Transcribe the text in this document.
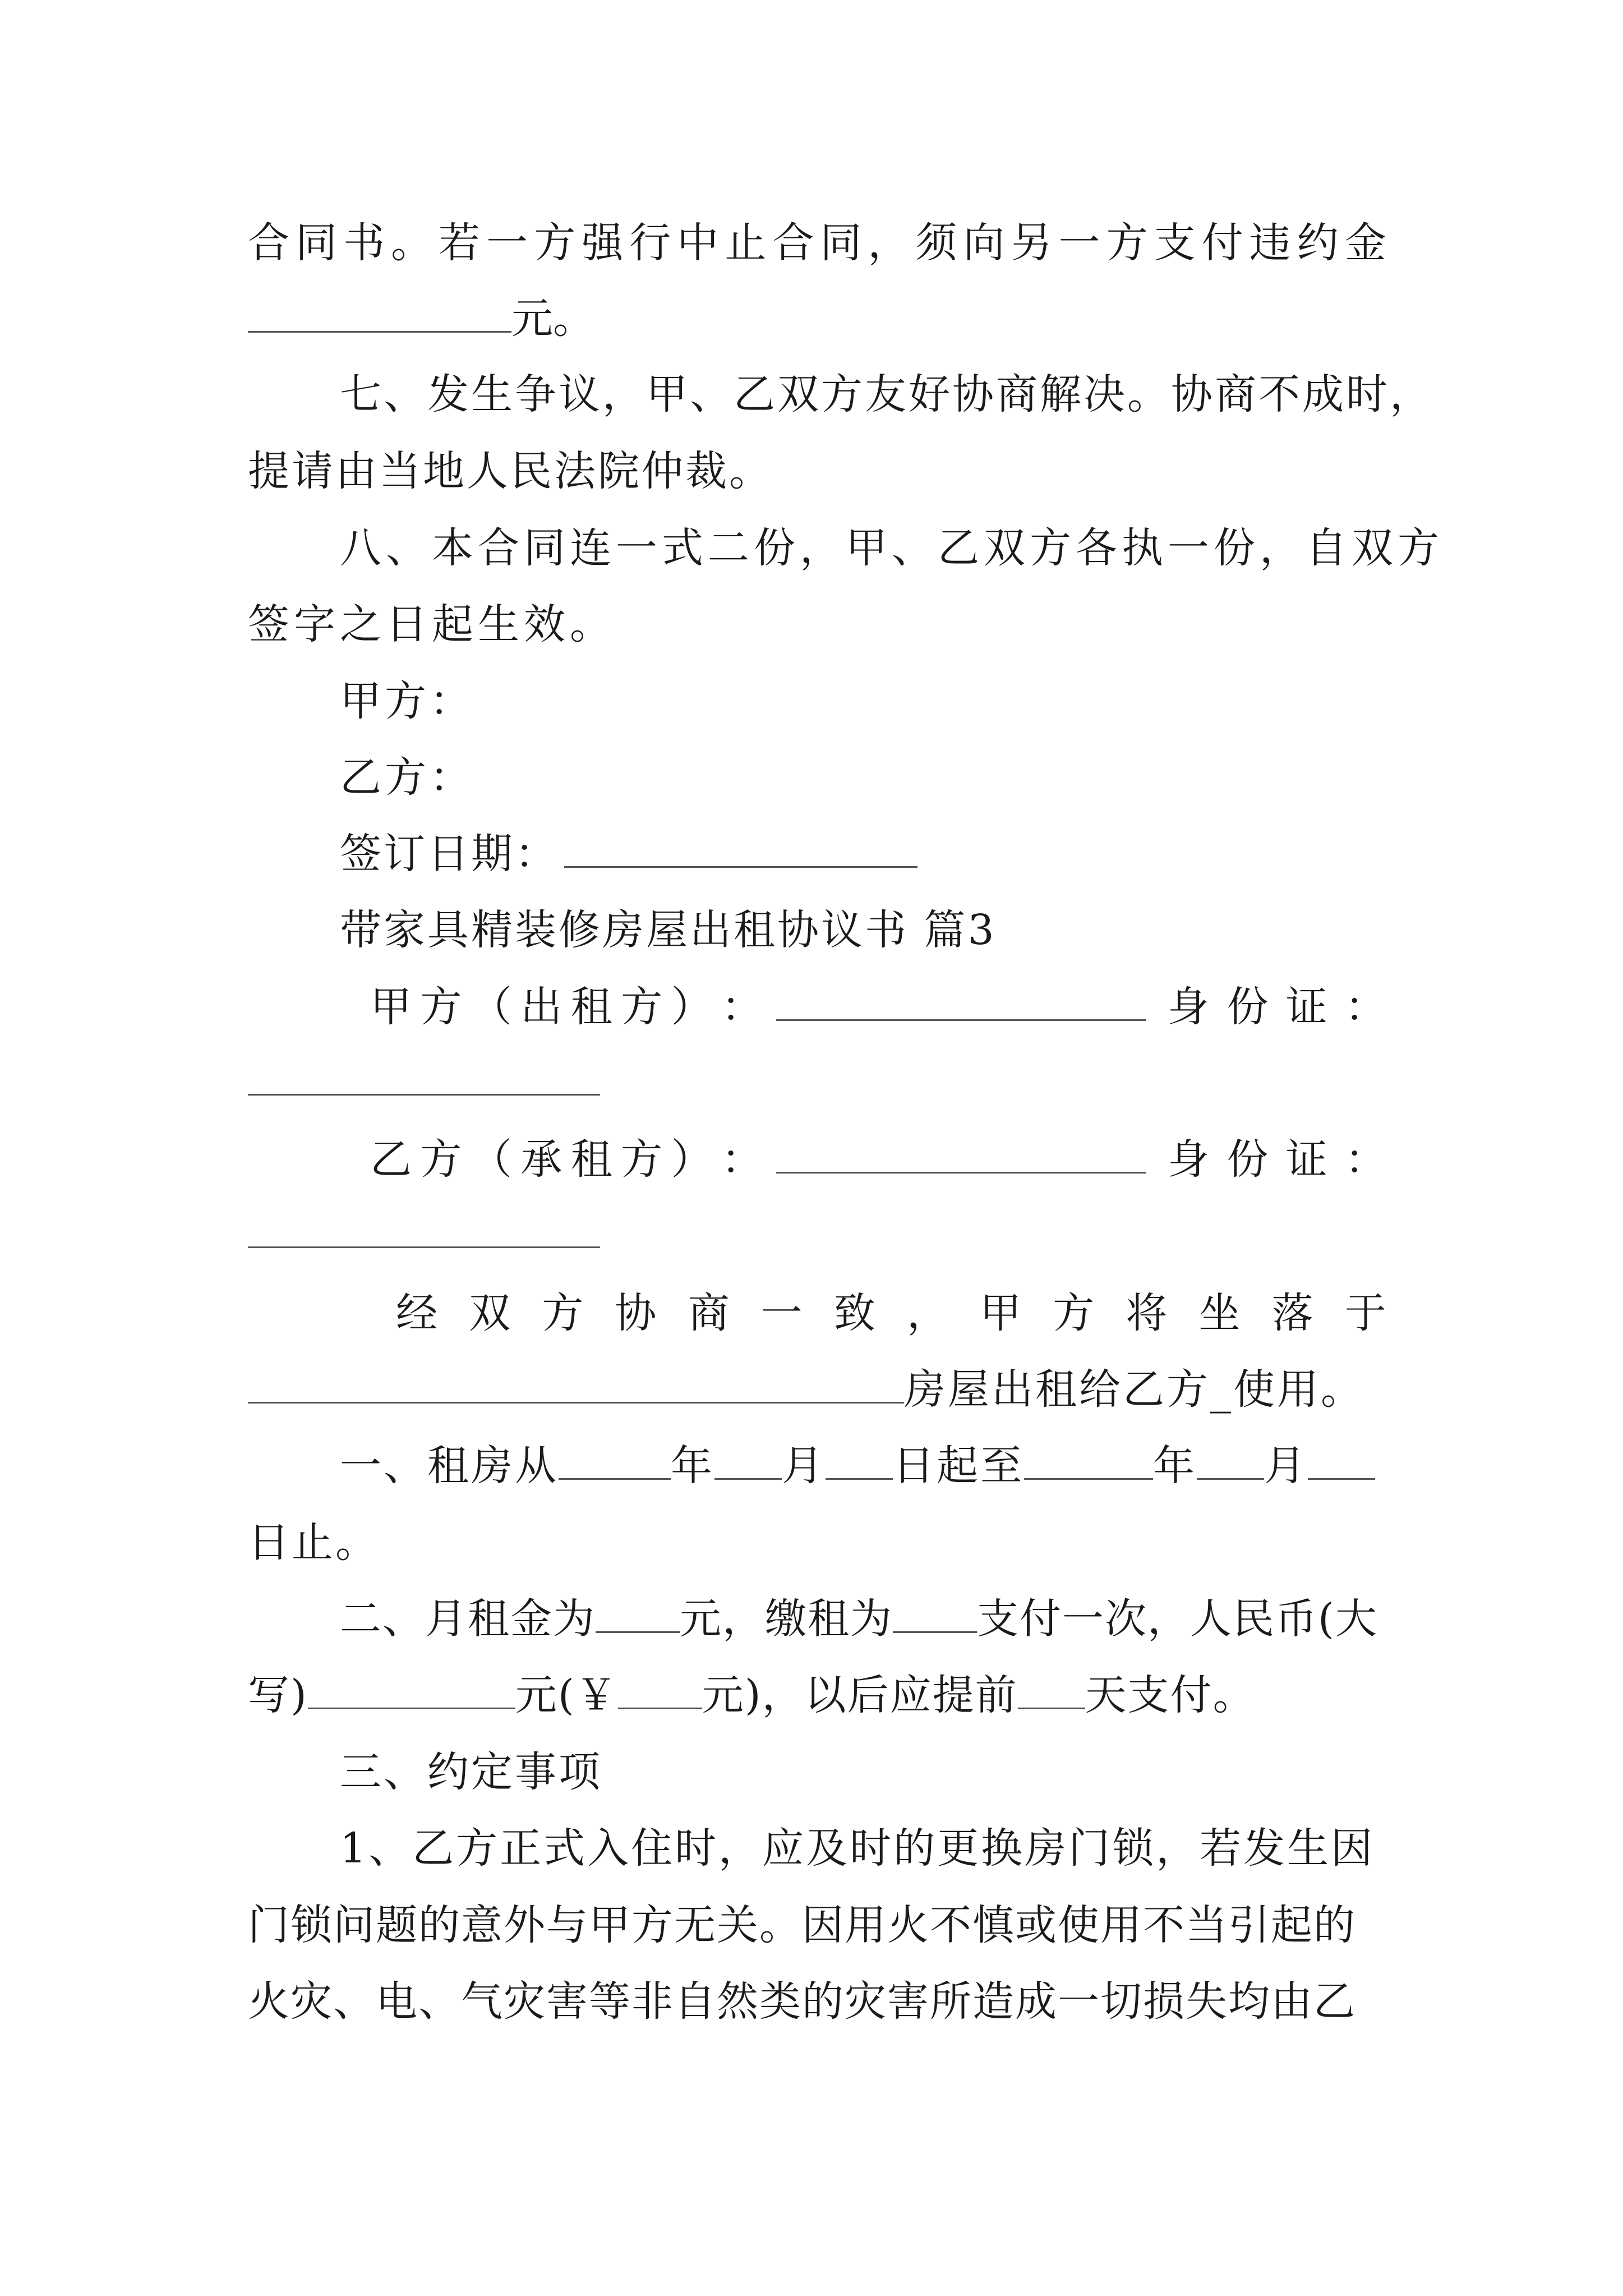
合 同 书 。 若 一 方 强 行 中 止 合 同 ， 须 向 另 一 方 支 付 违 约 金
元。
七、发生争议，甲、乙双方友好协商解决。协商不成时，
提请由当地人民法院仲裁。
八、本合同连一式二份，甲、乙双方各执一份，自双方
签字之日起生效。
甲方：
乙方：
签订日期：
带家具精装修房屋出租协议书 篇3
甲 方 （ 出 租 方 ） ：	身 份 证 ：
乙 方 （ 承 租 方 ） ：	身 份 证 ：
经 双 方 协 商 一 致 ， 甲 方 将 坐 落 于
房屋出租给乙方_使用。
一、租房从	年 月 日起至	年 月
日止。
二、月租金为 元，缴租为 支付一次，人民币(大
写)	元(￥ 元)，以后应提前 天支付。
三、约定事项
1、乙方正式入住时，应及时的更换房门锁，若发生因
门锁问题的意外与甲方无关。因用火不慎或使用不当引起的
火灾、电、气灾害等非自然类的灾害所造成一切损失均由乙
